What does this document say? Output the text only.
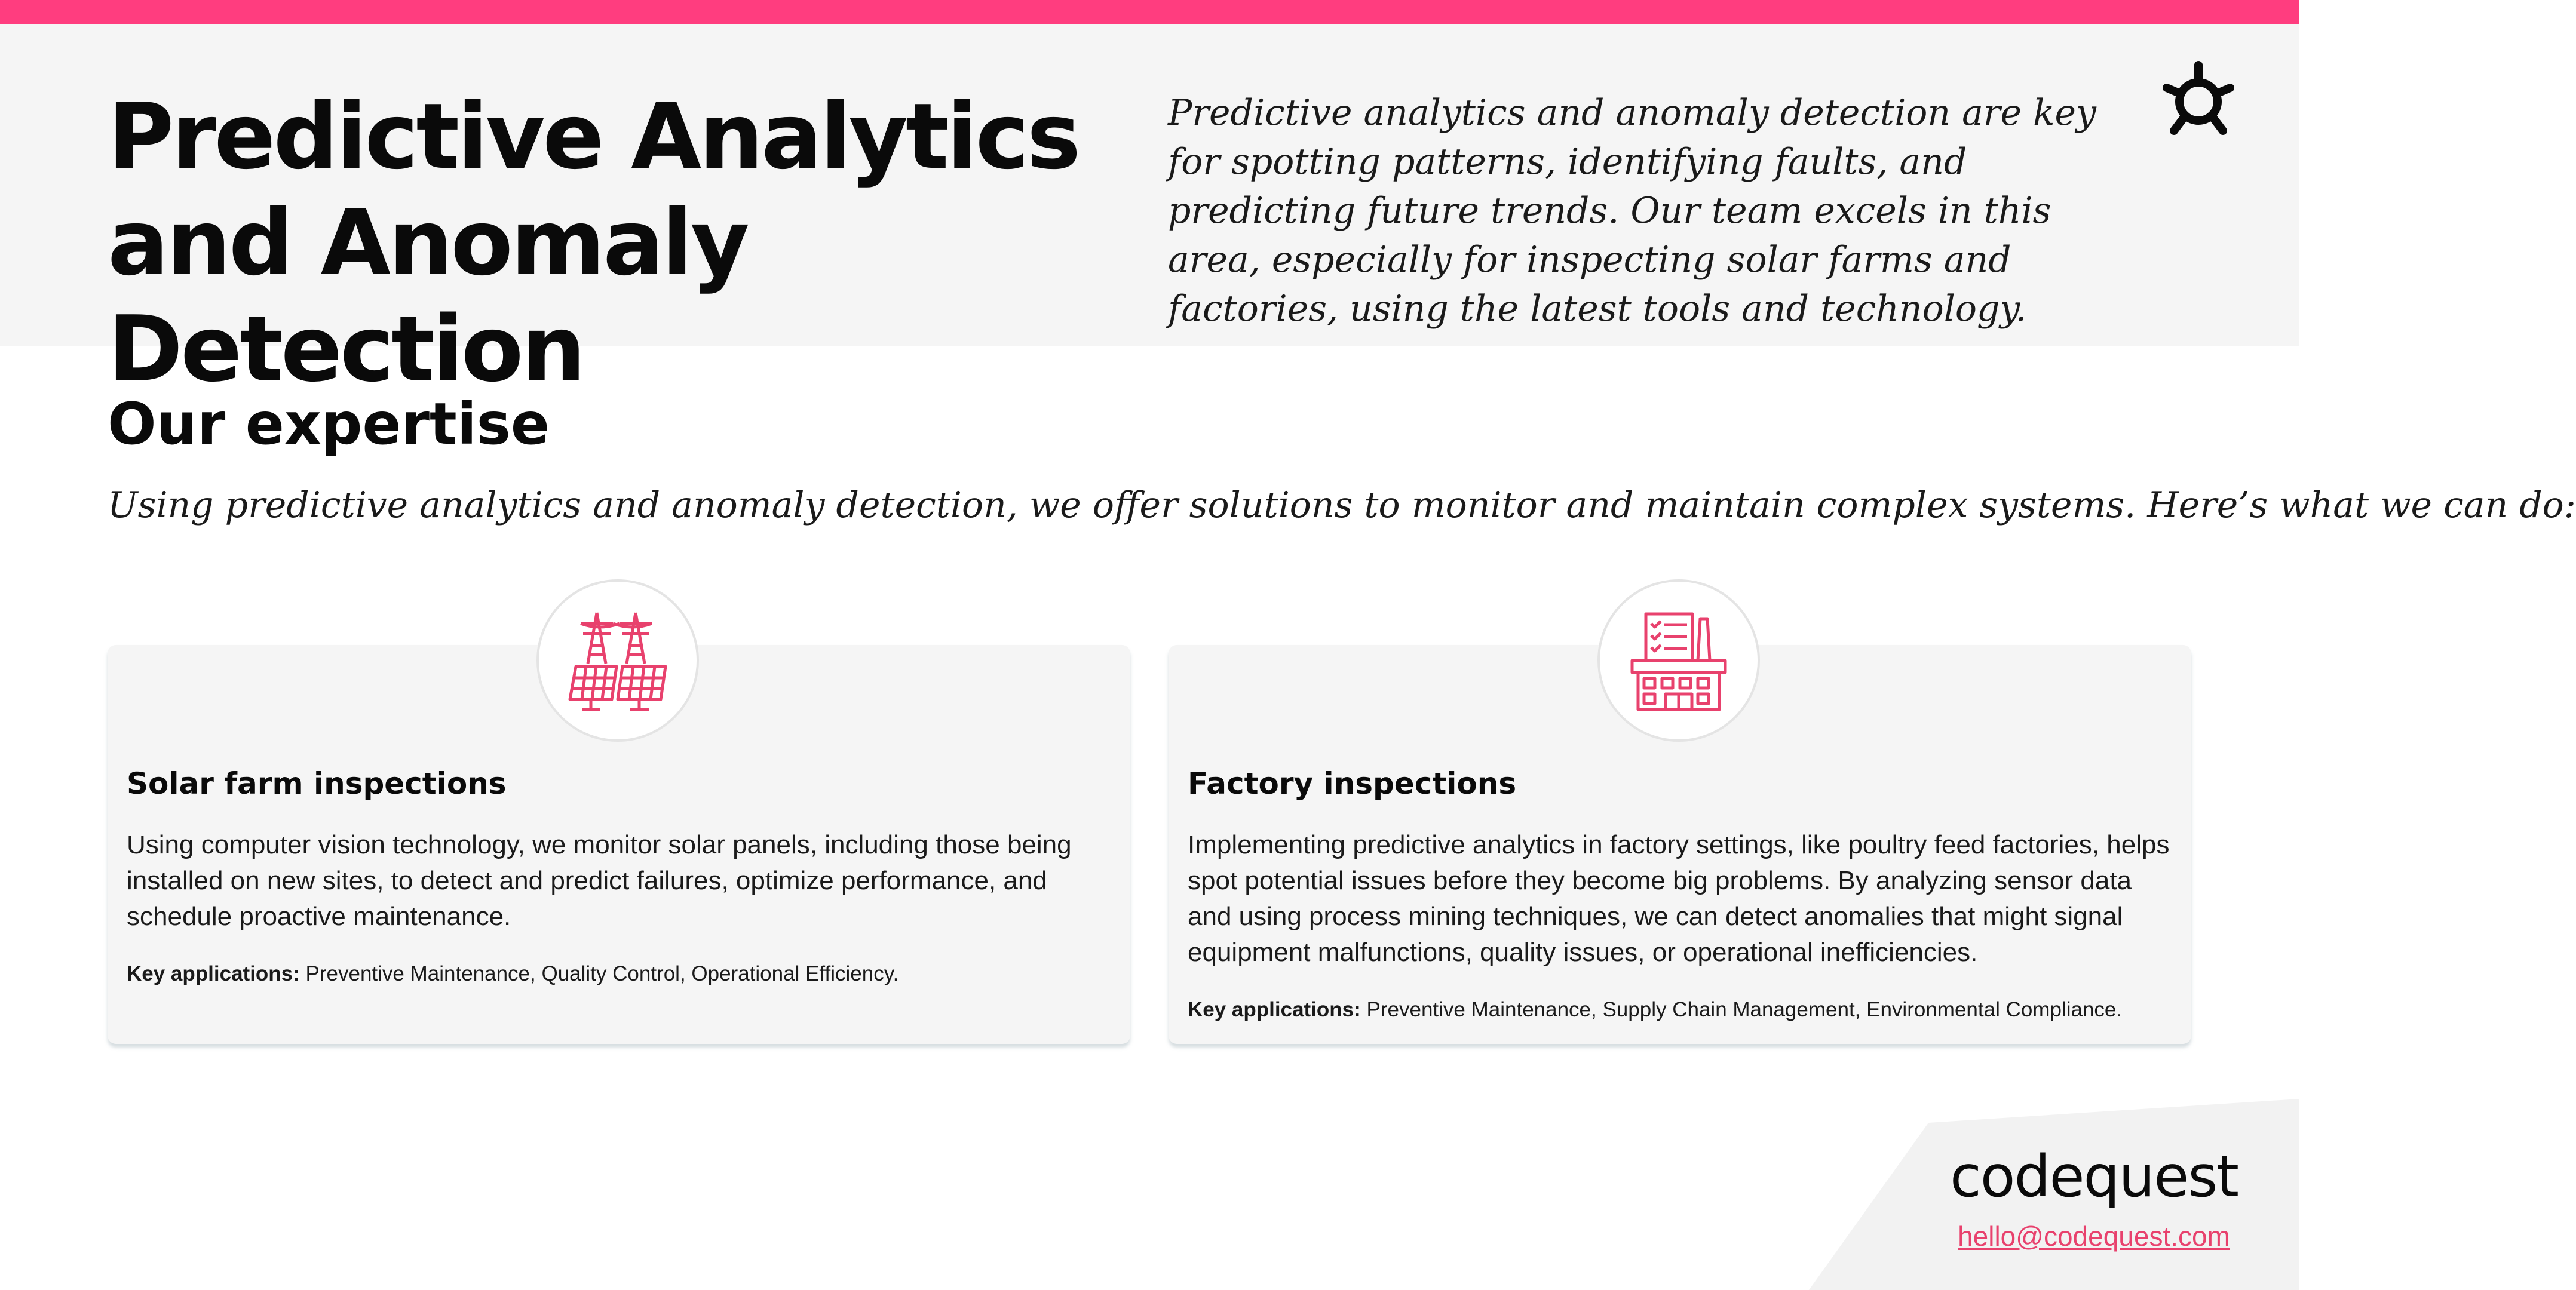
Predictive Analytics and Anomaly Detection

Predictive analytics and anomaly detection are key for spotting patterns, identifying faults, and predicting future trends. Our team excels in this area, especially for inspecting solar farms and factories, using the latest tools and technology.

Our expertise

Using predictive analytics and anomaly detection, we offer solutions to monitor and maintain complex systems. Here’s what we can do:

Solar farm inspections

Using computer vision technology, we monitor solar panels, including those being installed on new sites, to detect and predict failures, optimize performance, and schedule proactive maintenance.

Key applications: Preventive Maintenance, Quality Control, Operational Efficiency.

Factory inspections

Implementing predictive analytics in factory settings, like poultry feed factories, helps spot potential issues before they become big problems. By analyzing sensor data and using process mining techniques, we can detect anomalies that might signal equipment malfunctions, quality issues, or operational inefficiencies.

Key applications: Preventive Maintenance, Supply Chain Management, Environmental Compliance.

codequest
hello@codequest.com
